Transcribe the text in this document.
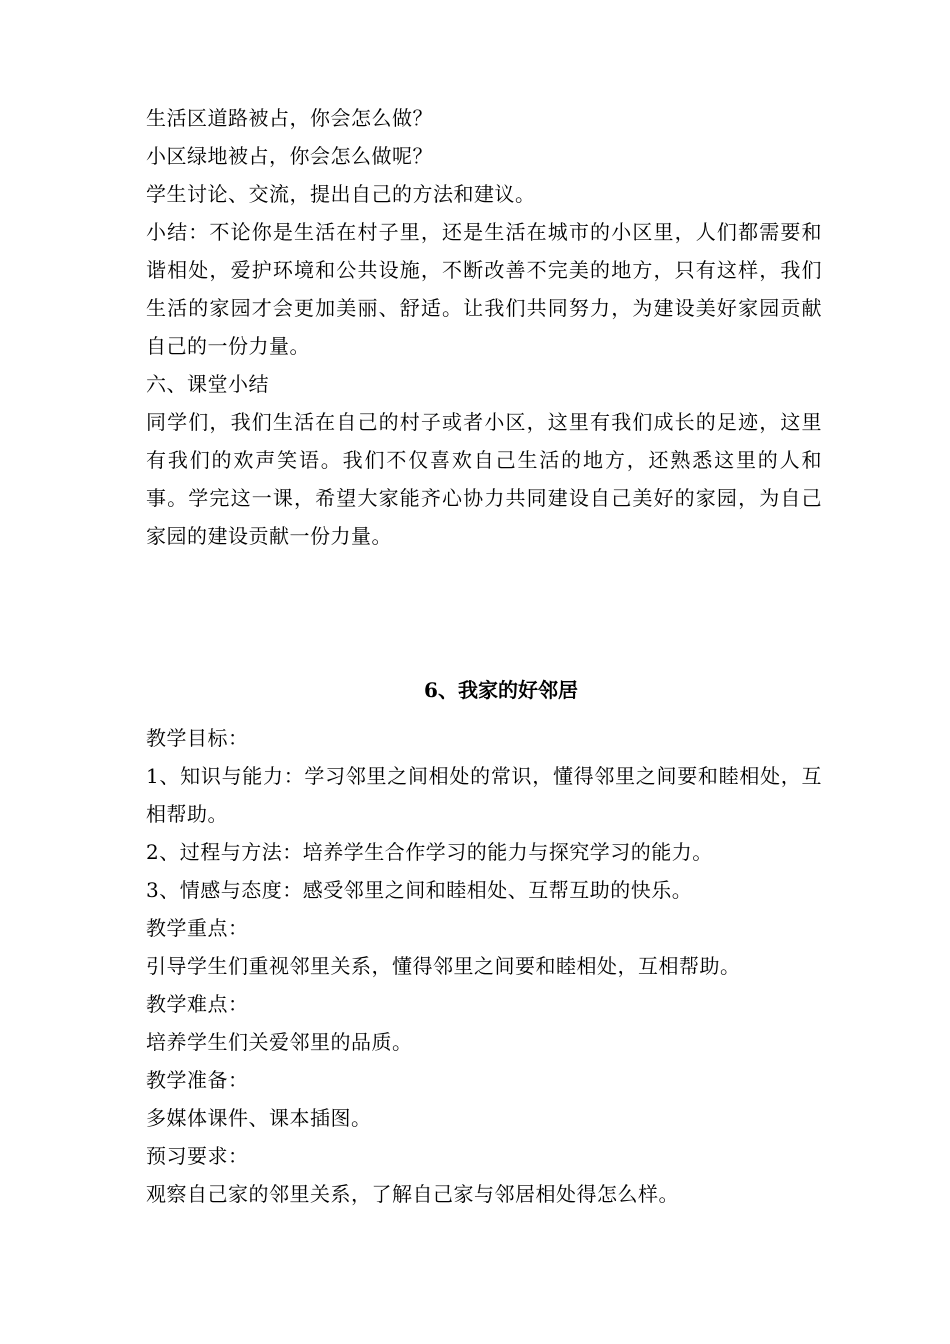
生活区道路被占，你会怎么做？

小区绿地被占，你会怎么做呢？

学生讨论、交流，提出自己的方法和建议。

小结：不论你是生活在村子里，还是生活在城市的小区里，人们都需要和谐相处，爱护环境和公共设施，不断改善不完美的地方，只有这样，我们生活的家园才会更加美丽、舒适。让我们共同努力，为建设美好家园贡献自己的一份力量。

六、课堂小结

同学们，我们生活在自己的村子或者小区，这里有我们成长的足迹，这里有我们的欢声笑语。我们不仅喜欢自己生活的地方，还熟悉这里的人和事。学完这一课，希望大家能齐心协力共同建设自己美好的家园，为自己家园的建设贡献一份力量。

6、我家的好邻居

教学目标：

1、知识与能力：学习邻里之间相处的常识，懂得邻里之间要和睦相处，互相帮助。

2、过程与方法：培养学生合作学习的能力与探究学习的能力。

3、情感与态度：感受邻里之间和睦相处、互帮互助的快乐。

教学重点：

引导学生们重视邻里关系，懂得邻里之间要和睦相处，互相帮助。

教学难点：

培养学生们关爱邻里的品质。

教学准备：

多媒体课件、课本插图。

预习要求：

观察自己家的邻里关系，了解自己家与邻居相处得怎么样。
